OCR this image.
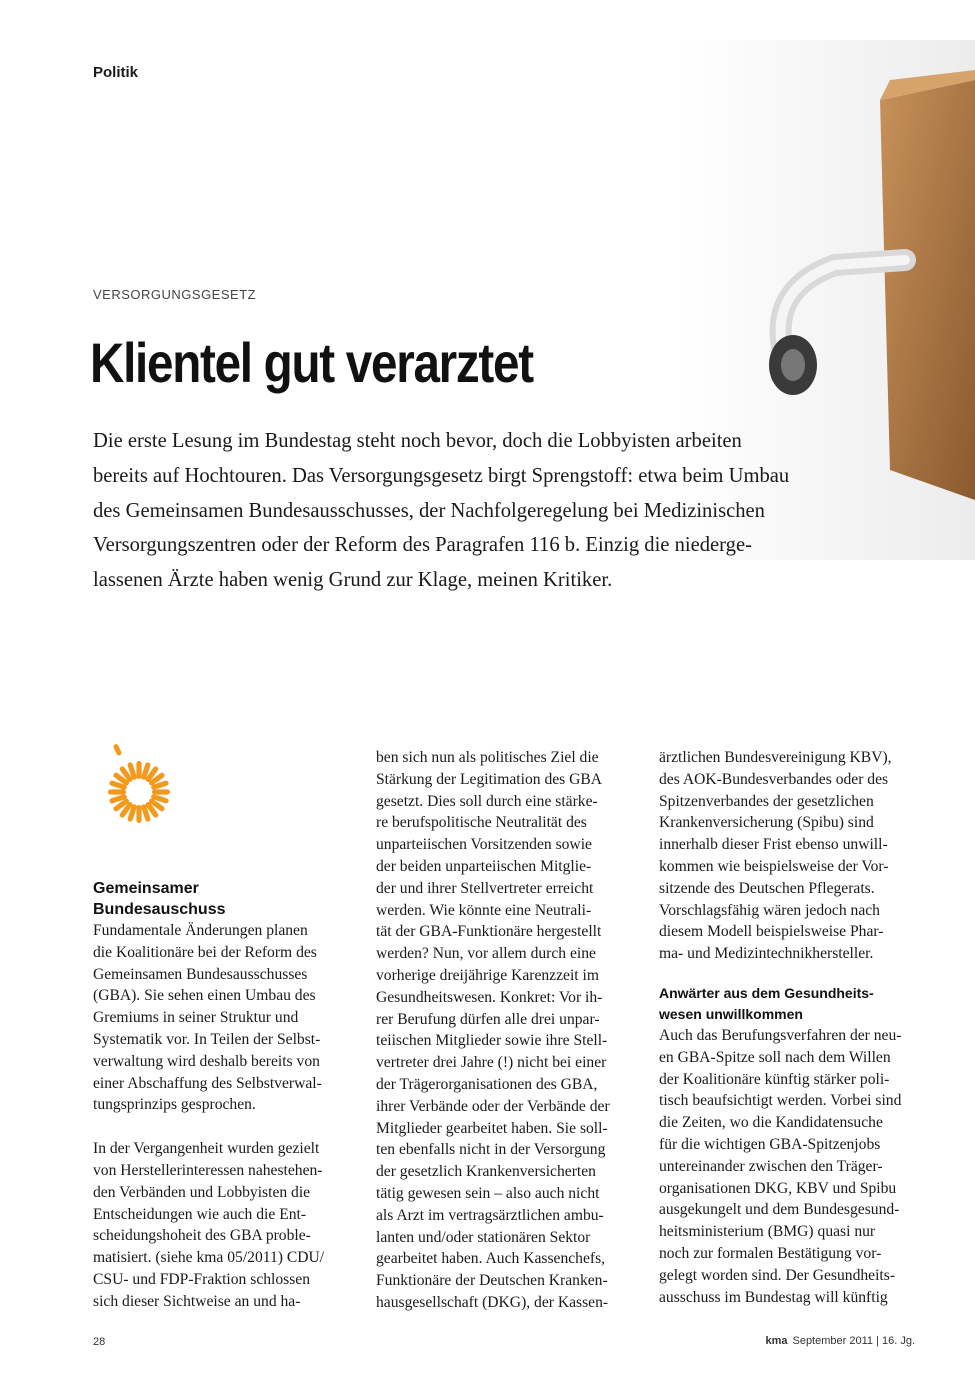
Politik
VERSORGUNGSGESETZ
Klientel gut verarztet
Die erste Lesung im Bundestag steht noch bevor, doch die Lobbyisten arbeiten
bereits auf Hochtouren. Das Versorgungsgesetz birgt Sprengstoff: etwa beim Umbau
des Gemeinsamen Bundesausschusses, der Nachfolgeregelung bei Medizinischen
Versorgungszentren oder der Reform des Paragrafen 116 b. Einzig die niederge-
lassenen Ärzte haben wenig Grund zur Klage, meinen Kritiker.
Gemeinsamer
Bundesauschuss
Fundamentale Änderungen planen
die Koalitionäre bei der Reform des
Gemeinsamen Bundesausschusses
(GBA). Sie sehen einen Umbau des
Gremiums in seiner Struktur und
Systematik vor. In Teilen der Selbst-
verwaltung wird deshalb bereits von
einer Abschaffung des Selbstverwal-
tungsprinzips gesprochen.
In der Vergangenheit wurden gezielt
von Herstellerinteressen nahestehen-
den Verbänden und Lobbyisten die
Entscheidungen wie auch die Ent-
scheidungshoheit des GBA proble-
matisiert. (siehe kma 05/2011) CDU/
CSU- und FDP-Fraktion schlossen
sich dieser Sichtweise an und ha-
ben sich nun als politisches Ziel die
Stärkung der Legitimation des GBA
gesetzt. Dies soll durch eine stärke-
re berufspolitische Neutralität des
unparteiischen Vorsitzenden sowie
der beiden unparteiischen Mitglie-
der und ihrer Stellvertreter erreicht
werden. Wie könnte eine Neutrali-
tät der GBA-Funktionäre hergestellt
werden? Nun, vor allem durch eine
vorherige dreijährige Karenzzeit im
Gesundheitswesen. Konkret: Vor ih-
rer Berufung dürfen alle drei unpar-
teiischen Mitglieder sowie ihre Stell-
vertreter drei Jahre (!) nicht bei einer
der Trägerorganisationen des GBA,
ihrer Verbände oder der Verbände der
Mitglieder gearbeitet haben. Sie soll-
ten ebenfalls nicht in der Versorgung
der gesetzlich Krankenversicherten
tätig gewesen sein – also auch nicht
als Arzt im vertragsärztlichen ambu-
lanten und/oder stationären Sektor
gearbeitet haben. Auch Kassenchefs,
Funktionäre der Deutschen Kranken-
hausgesellschaft (DKG), der Kassen-
ärztlichen Bundesvereinigung KBV),
des AOK-Bundesverbandes oder des
Spitzenverbandes der gesetzlichen
Krankenversicherung (Spibu) sind
innerhalb dieser Frist ebenso unwill-
kommen wie beispielsweise der Vor-
sitzende des Deutschen Pflegerats.
Vorschlagsfähig wären jedoch nach
diesem Modell beispielsweise Phar-
ma- und Medizintechnikhersteller.
Anwärter aus dem Gesundheits-
wesen unwillkommen
Auch das Berufungsverfahren der neu-
en GBA-Spitze soll nach dem Willen
der Koalitionäre künftig stärker poli-
tisch beaufsichtigt werden. Vorbei sind
die Zeiten, wo die Kandidatensuche
für die wichtigen GBA-Spitzenjobs
untereinander zwischen den Träger-
organisationen DKG, KBV und Spibu
ausgekungelt und dem Bundesgesund-
heitsministerium (BMG) quasi nur
noch zur formalen Bestätigung vor-
gelegt worden sind. Der Gesundheits-
ausschuss im Bundestag will künftig
28	kma September 2011 | 16. Jg.
